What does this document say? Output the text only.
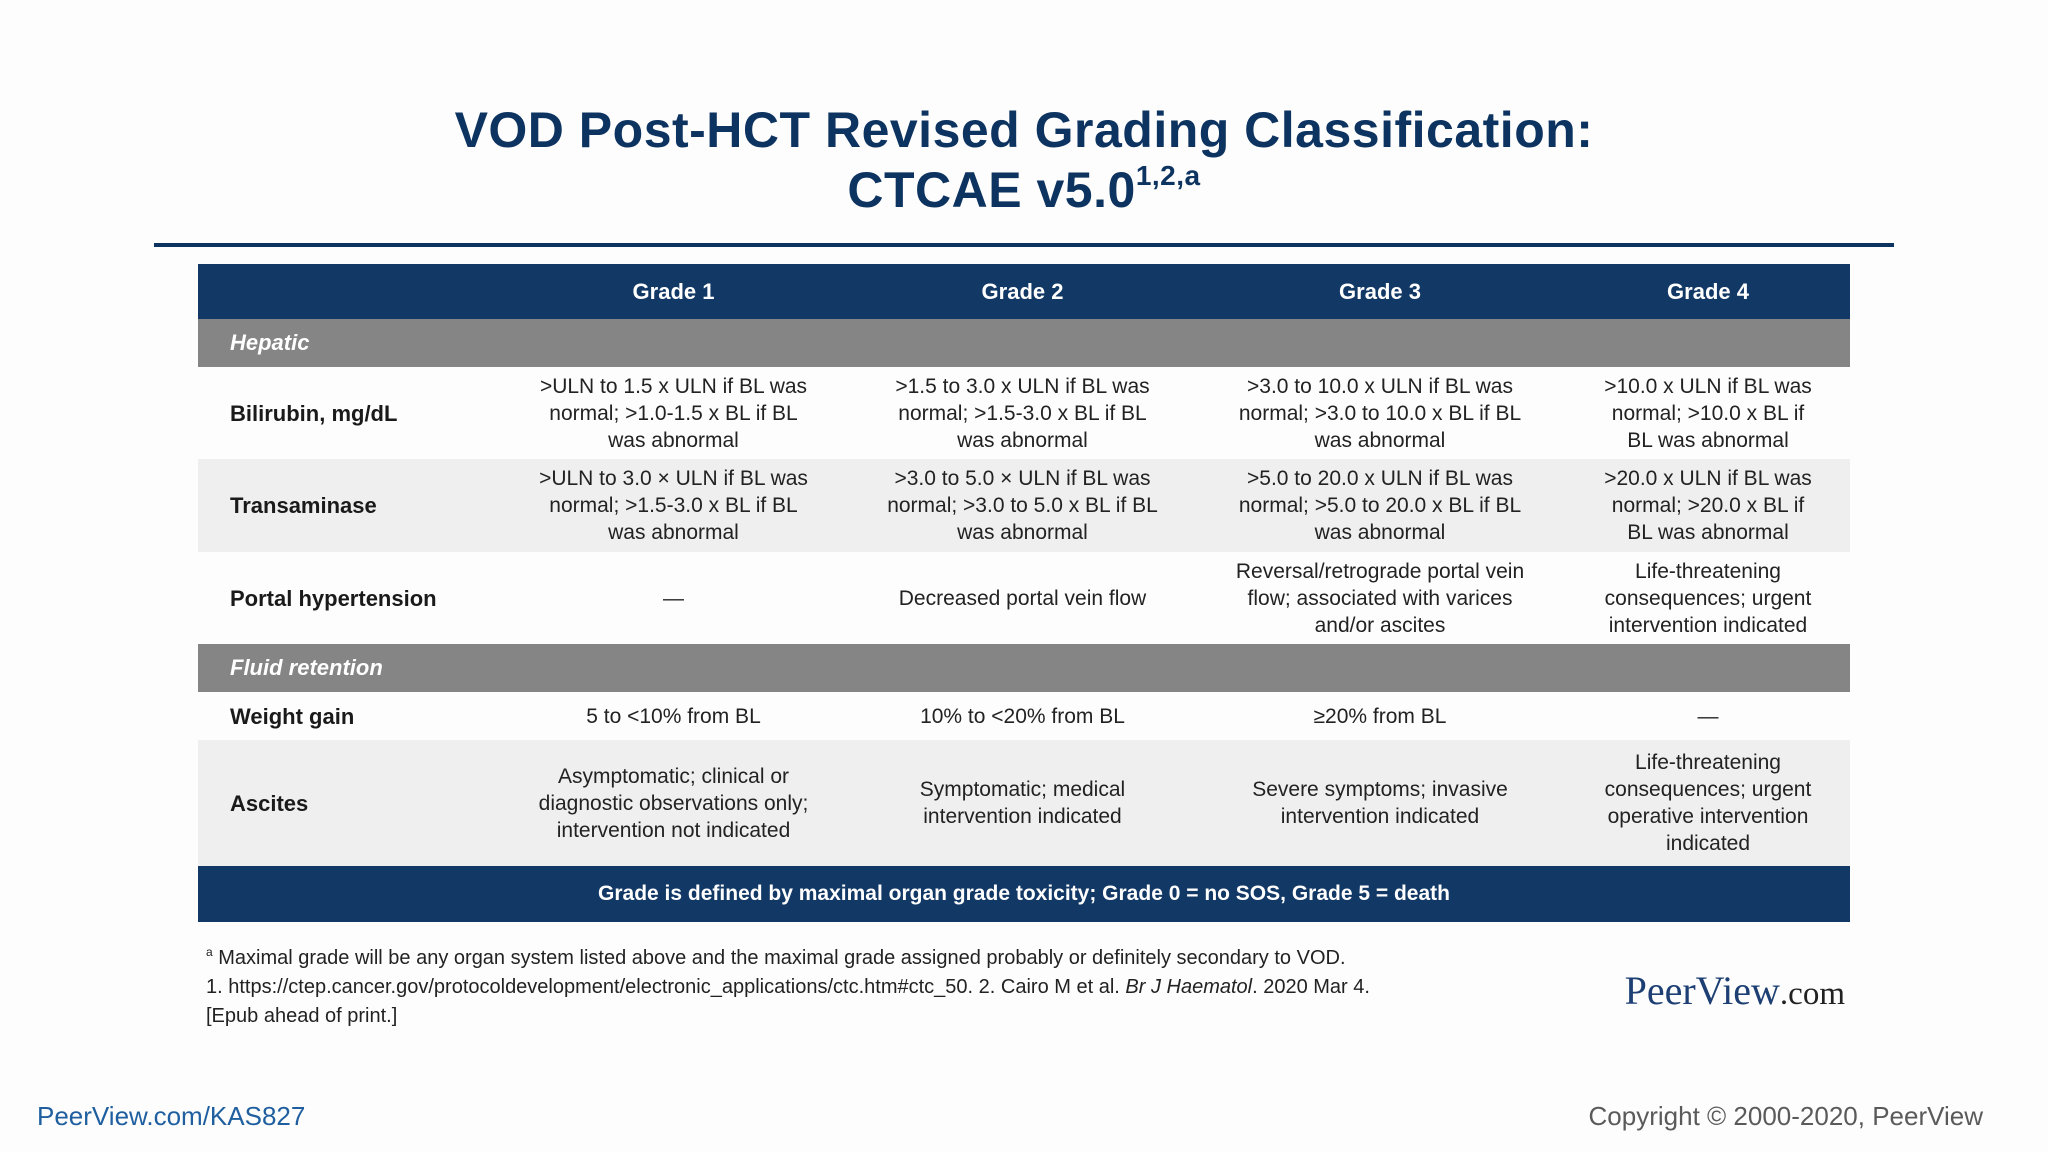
VOD Post-HCT Revised Grading Classification:
CTCAE v5.0$^{1,2,a}$
	Grade 1	Grade 2	Grade 3	Grade 4
Hepatic				
Bilirubin, mg/dL	>ULN to 1.5 x ULN if BL was normal; >1.0-1.5 x BL if BL was abnormal	>1.5 to 3.0 x ULN if BL was normal; >1.5-3.0 x BL if BL was abnormal	>3.0 to 10.0 x ULN if BL was normal; >3.0 to 10.0 x BL if BL was abnormal	>10.0 x ULN if BL was normal; >10.0 x BL if BL was abnormal
Transaminase	>ULN to 3.0 × ULN if BL was normal; >1.5-3.0 x BL if BL was abnormal	>3.0 to 5.0 × ULN if BL was normal; >3.0 to 5.0 x BL if BL was abnormal	>5.0 to 20.0 x ULN if BL was normal; >5.0 to 20.0 x BL if BL was abnormal	>20.0 x ULN if BL was normal; >20.0 x BL if BL was abnormal
Portal hypertension	—	Decreased portal vein flow	Reversal/retrograde portal vein flow; associated with varices and/or ascites	Life-threatening consequences; urgent intervention indicated
Fluid retention				
Weight gain	5 to <10% from BL	10% to <20% from BL	≥20% from BL	—
Ascites	Asymptomatic; clinical or diagnostic observations only; intervention not indicated	Symptomatic; medical intervention indicated	Severe symptoms; invasive intervention indicated	Life-threatening consequences; urgent operative intervention indicated
Grade is defined by maximal organ grade toxicity; Grade 0 = no SOS, Grade 5 = death				
$^a$ Maximal grade will be any organ system listed above and the maximal grade assigned probably or definitely secondary to VOD.
1. https://ctep.cancer.gov/protocoldevelopment/electronic_applications/ctc.htm#ctc_50. 2. Cairo M et al. Br J Haematol. 2020 Mar 4.
[Epub ahead of print.]
PeerView.com
PeerView.com/KAS827	Copyright © 2000-2020, PeerView
